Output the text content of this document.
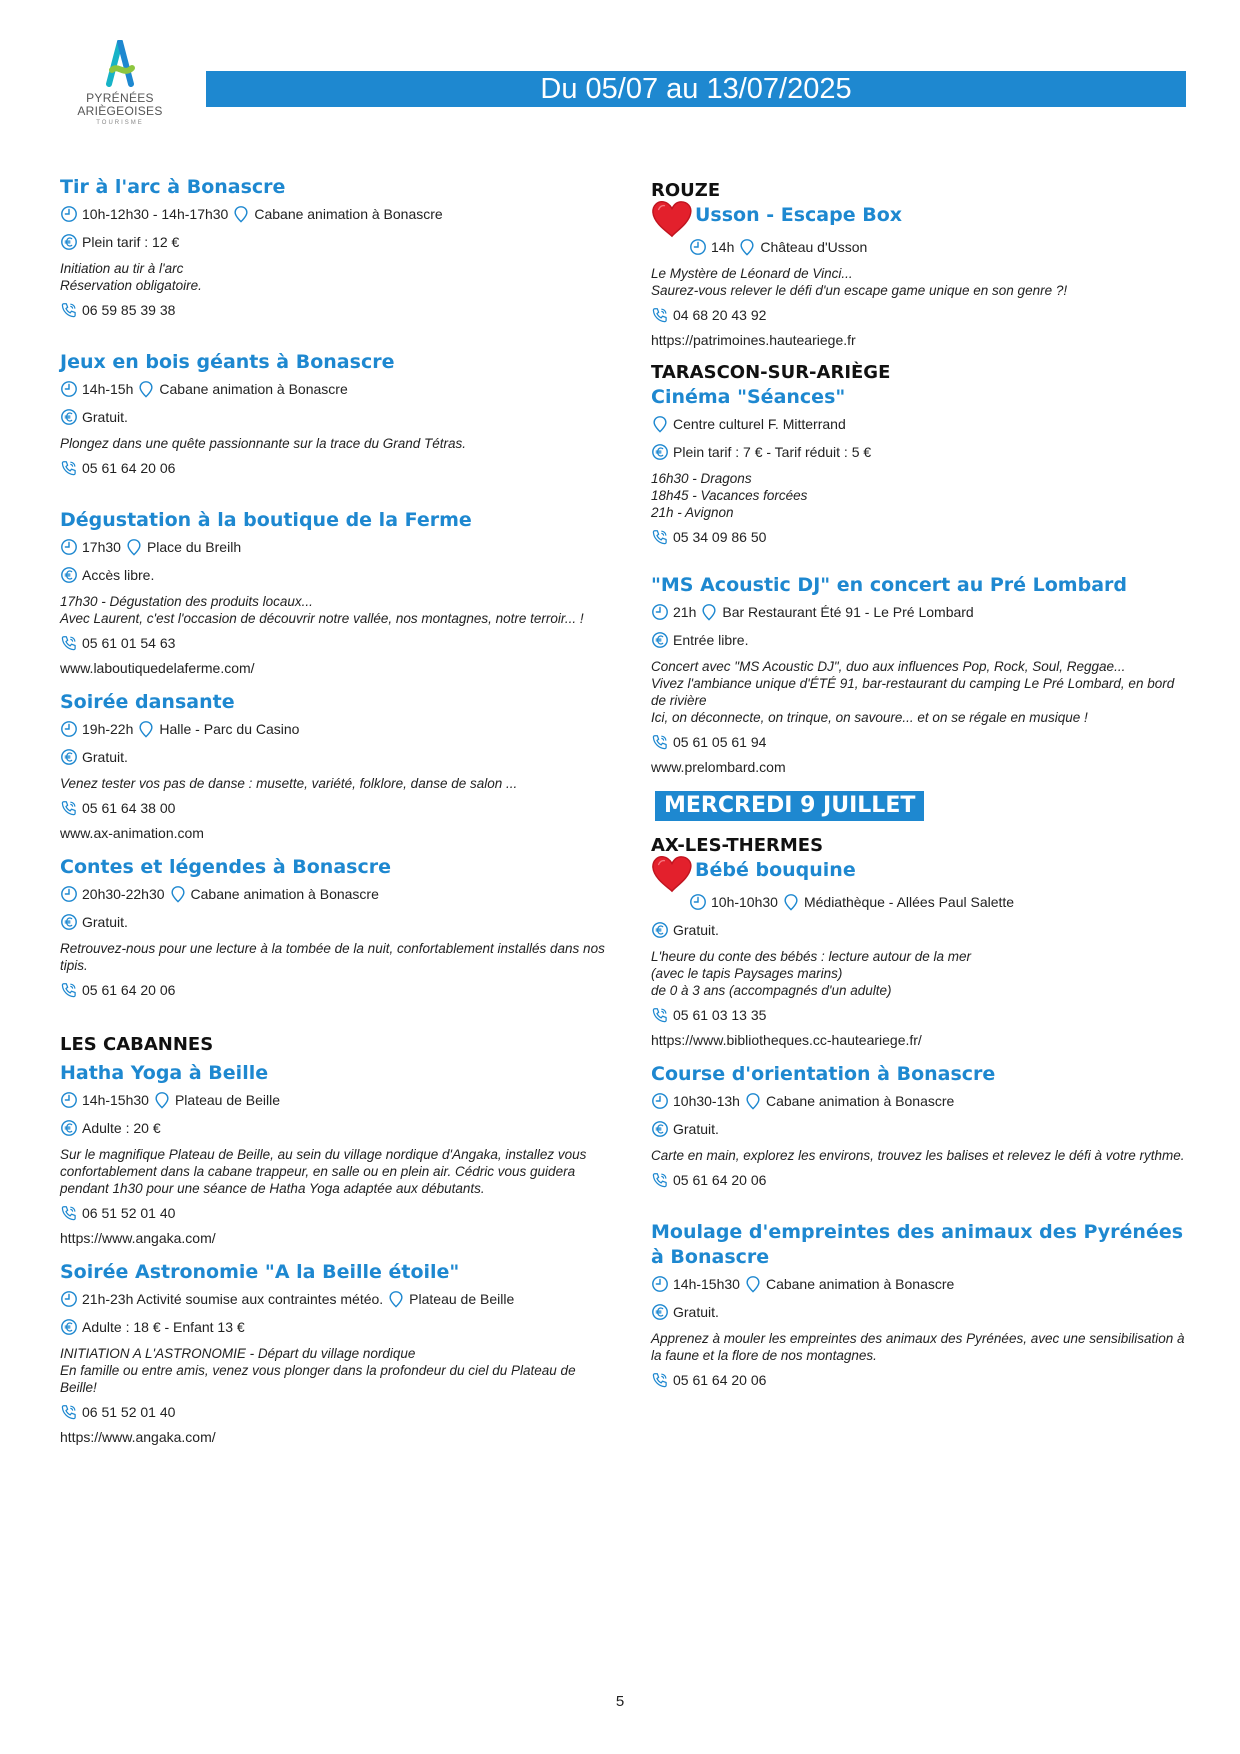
PYRÉNÉES
ARIÈGEOISES
TOURISME
Du 05/07 au 13/07/2025
Tir à l'arc à Bonascre
10h-12h30 - 14h-17h30 Cabane animation à Bonascre
Plein tarif : 12 €
Initiation au tir à l'arc
Réservation obligatoire.
06 59 85 39 38
Jeux en bois géants à Bonascre
14h-15h Cabane animation à Bonascre
Gratuit.
Plongez dans une quête passionnante sur la trace du Grand Tétras.
05 61 64 20 06
Dégustation à la boutique de la Ferme
17h30 Place du Breilh
Accès libre.
17h30 - Dégustation des produits locaux...
Avec Laurent, c'est l'occasion de découvrir notre vallée, nos montagnes, notre terroir... !
05 61 01 54 63
www.laboutiquedelaferme.com/
Soirée dansante
19h-22h Halle - Parc du Casino
Gratuit.
Venez tester vos pas de danse : musette, variété, folklore, danse de salon ...
05 61 64 38 00
www.ax-animation.com
Contes et légendes à Bonascre
20h30-22h30 Cabane animation à Bonascre
Gratuit.
Retrouvez-nous pour une lecture à la tombée de la nuit, confortablement installés dans nos tipis.
05 61 64 20 06
LES CABANNES
Hatha Yoga à Beille
14h-15h30 Plateau de Beille
Adulte : 20 €
Sur le magnifique Plateau de Beille, au sein du village nordique d'Angaka, installez vous confortablement dans la cabane trappeur, en salle ou en plein air. Cédric vous guidera pendant 1h30 pour une séance de Hatha Yoga adaptée aux débutants.
06 51 52 01 40
https://www.angaka.com/
Soirée Astronomie "A la Beille étoile"
21h-23h Activité soumise aux contraintes météo. Plateau de Beille
Adulte : 18 € - Enfant 13 €
INITIATION A L'ASTRONOMIE - Départ du village nordique
En famille ou entre amis, venez vous plonger dans la profondeur du ciel du Plateau de Beille!
06 51 52 01 40
https://www.angaka.com/
ROUZE
Usson - Escape Box
14h Château d'Usson
Le Mystère de Léonard de Vinci...
Saurez-vous relever le défi d'un escape game unique en son genre ?!
04 68 20 43 92
https://patrimoines.hauteariege.fr
TARASCON-SUR-ARIÈGE
Cinéma "Séances"
Centre culturel F. Mitterrand
Plein tarif : 7 € - Tarif réduit : 5 €
16h30 - Dragons
18h45 - Vacances forcées
21h - Avignon
05 34 09 86 50
"MS Acoustic DJ" en concert au Pré Lombard
21h Bar Restaurant Été 91 - Le Pré Lombard
Entrée libre.
Concert avec "MS Acoustic DJ", duo aux influences Pop, Rock, Soul, Reggae...
Vivez l'ambiance unique d'ÉTÉ 91, bar-restaurant du camping Le Pré Lombard, en bord de rivière
Ici, on déconnecte, on trinque, on savoure... et on se régale en musique !
05 61 05 61 94
www.prelombard.com
MERCREDI 9 JUILLET
AX-LES-THERMES
Bébé bouquine
10h-10h30 Médiathèque - Allées Paul Salette
Gratuit.
L'heure du conte des bébés : lecture autour de la mer
(avec le tapis Paysages marins)
de 0 à 3 ans (accompagnés d'un adulte)
05 61 03 13 35
https://www.bibliotheques.cc-hauteariege.fr/
Course d'orientation à Bonascre
10h30-13h Cabane animation à Bonascre
Gratuit.
Carte en main, explorez les environs, trouvez les balises et relevez le défi à votre rythme.
05 61 64 20 06
Moulage d'empreintes des animaux des Pyrénées à Bonascre
14h-15h30 Cabane animation à Bonascre
Gratuit.
Apprenez à mouler les empreintes des animaux des Pyrénées, avec une sensibilisation à la faune et la flore de nos montagnes.
05 61 64 20 06
5
